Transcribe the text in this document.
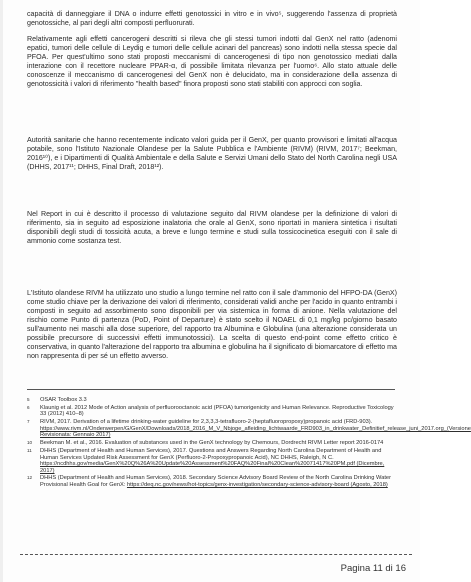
capacità di danneggiare il DNA o indurre effetti genotossici in vitro e in vivo⁵, suggerendo l'assenza di proprietà genotossiche, al pari degli altri composti perfluorurati.

Relativamente agli effetti cancerogeni descritti si rileva che gli stessi tumori indotti dal GenX nel ratto (adenomi epatici, tumori delle cellule di Leydig e tumori delle cellule acinari del pancreas) sono indotti nella stessa specie dal PFOA. Per quest'ultimo sono stati proposti meccanismi di cancerogenesi di tipo non genotossico mediati dalla interazione con il recettore nucleare PPAR-α, di possibile limitata rilevanza per l'uomo⁶. Allo stato attuale delle conoscenze il meccanismo di cancerogenesi del GenX non è delucidato, ma in considerazione della assenza di genotossicità i valori di riferimento "health based" finora proposti sono stati stabiliti con approcci con soglia.

Autorità sanitarie che hanno recentemente indicato valori guida per il GenX, per quanto provvisori e limitati all'acqua potabile, sono l'Istituto Nazionale Olandese per la Salute Pubblica e l'Ambiente (RIVM) (RIVM, 2017⁷; Beekman, 2016¹⁰), e i Dipartimenti di Qualità Ambientale e della Salute e Servizi Umani dello Stato del North Carolina negli USA (DHHS, 2017¹¹; DHHS, Final Draft, 2018¹²).

Nel Report in cui è descritto il processo di valutazione seguito dal RIVM olandese per la definizione di valori di riferimento, sia in seguito ad esposizione inalatoria che orale al GenX, sono riportati in maniera sintetica i risultati disponibili degli studi di tossicità acuta, a breve e lungo termine e studi sulla tossicocinetica eseguiti con il sale di ammonio come sostanza test.

L'Istituto olandese RIVM ha utilizzato uno studio a lungo termine nel ratto con il sale d'ammonio del HFPO-DA (GenX) come studio chiave per la derivazione dei valori di riferimento, considerati validi anche per l'acido in quanto entrambi i composti in seguito ad assorbimento sono disponibili per via sistemica in forma di anione. Nella valutazione del rischio come Punto di partenza (PoD, Point of Departure) è stato scelto il NOAEL di 0,1 mg/kg pc/giorno basato sull'aumento nei maschi alla dose superiore, del rapporto tra Albumina e Globulina (una alterazione considerata un possibile precursore di successivi effetti immunotossici). La scelta di questo end-point come effetto critico è conservativa, in quanto l'alterazione del rapporto tra albumina e globulina ha il significato di biomarcatore di effetto ma non rappresenta di per sé un effetto avverso.

5 OSAR Toolbox 3.3
6 Klaunig et al. 2012 Mode of Action analysis of perfluorooctanoic acid (PFOA) tumorigenicity and Human Relevance. Reproductive Toxicology 33 (2012) 410–8)
7 RIVM, 2017. Derivation of a lifetime drinking-water guideline for 2,3,3,3-tetrafluoro-2-(heptafluoropropoxy)propanoic acid (FRD-903). https://www.rivm.nl/Onderwerpen/G/GenX/Downloads/2018_2016_M_V_Nbjoge_afleiding_lichtwaarde_FRD903_in_drinkwater_Definitief_release_juni_2017.org_(Versione Revisionata: Gennaio 2017)
10 Beekman M. et al., 2016. Evaluation of substances used in the GenX technology by Chemours, Dordrecht RIVM Letter report 2016-0174
11 DHHS (Department of Health and Human Services), 2017. Questions and Answers Regarding North Carolina Department of Health and Human Services Updated Risk Assessment for GenX (Perfluoro-2-Propoxypropanoic Acid), NC DHHS, Raleigh, N C. https://ncdhhs.gov/media/GenX%20Q%26A%20Update%20Assessment%20FAQ%20Final%20Clean%20071417%20PM.pdf (Dicembre, 2017)
12 DHHS (Department of Health and Human Services), 2018. Secondary Science Advisory Board Review of the North Carolina Drinking Water Provisional Health Goal for GenX: https://deq.nc.gov/news/hot-topics/genx-investigation/secondary-science-advisory-board (Agosto, 2018)
Pagina 11 di 16
